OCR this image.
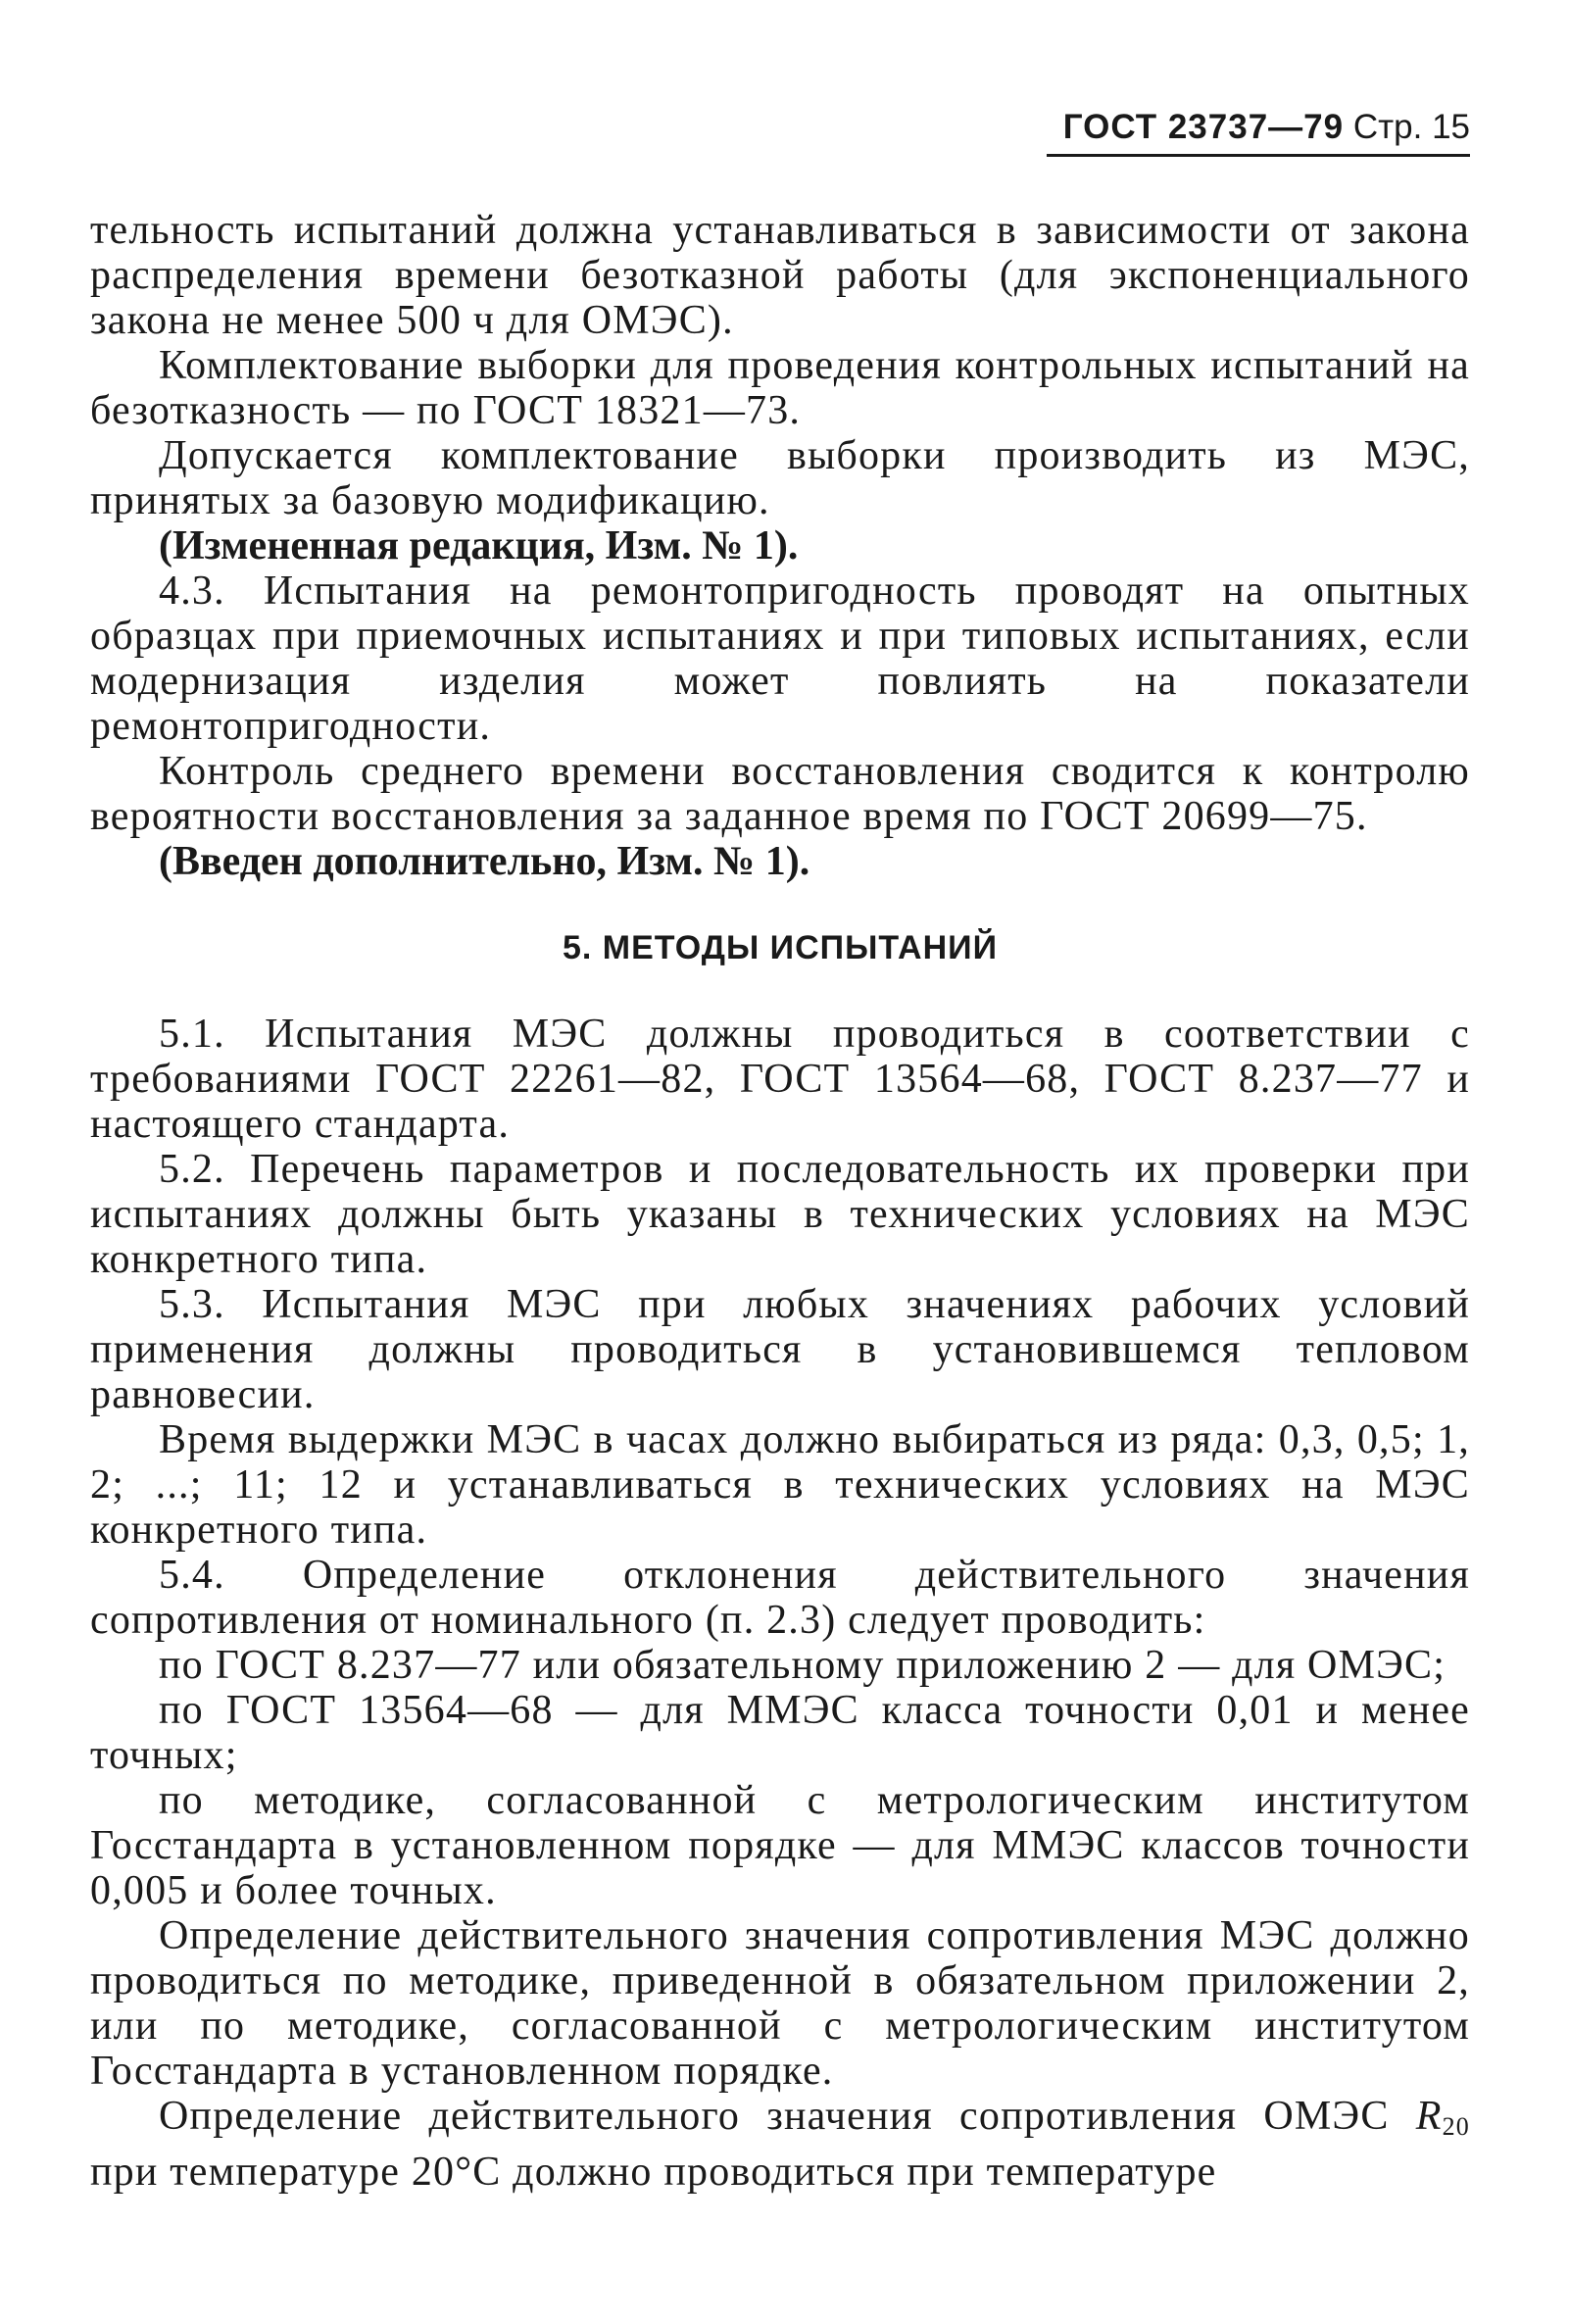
ГОСТ 23737—79 Стр. 15

тельность испытаний должна устанавливаться в зависимости от закона распределения времени безотказной работы (для экспоненциального закона не менее 500 ч для ОМЭС).

Комплектование выборки для проведения контрольных испытаний на безотказность — по ГОСТ 18321—73.

Допускается комплектование выборки производить из МЭС, принятых за базовую модификацию.

(Измененная редакция, Изм. № 1).

4.3. Испытания на ремонтопригодность проводят на опытных образцах при приемочных испытаниях и при типовых испытаниях, если модернизация изделия может повлиять на показатели ремонтопригодности.

Контроль среднего времени восстановления сводится к контролю вероятности восстановления за заданное время по ГОСТ 20699—75.

(Введен дополнительно, Изм. № 1).

5. МЕТОДЫ ИСПЫТАНИЙ

5.1. Испытания МЭС должны проводиться в соответствии с требованиями ГОСТ 22261—82, ГОСТ 13564—68, ГОСТ 8.237—77 и настоящего стандарта.

5.2. Перечень параметров и последовательность их проверки при испытаниях должны быть указаны в технических условиях на МЭС конкретного типа.

5.3. Испытания МЭС при любых значениях рабочих условий применения должны проводиться в установившемся тепловом равновесии.

Время выдержки МЭС в часах должно выбираться из ряда: 0,3, 0,5; 1, 2; ...; 11; 12 и устанавливаться в технических условиях на МЭС конкретного типа.

5.4. Определение отклонения действительного значения сопротивления от номинального (п. 2.3) следует проводить:

по ГОСТ 8.237—77 или обязательному приложению 2 — для ОМЭС;

по ГОСТ 13564—68 — для ММЭС класса точности 0,01 и менее точных;

по методике, согласованной с метрологическим институтом Госстандарта в установленном порядке — для ММЭС классов точности 0,005 и более точных.

Определение действительного значения сопротивления МЭС должно проводиться по методике, приведенной в обязательном приложении 2, или по методике, согласованной с метрологическим институтом Госстандарта в установленном порядке.

Определение действительного значения сопротивления ОМЭС $R_{20}$ при температуре 20°С должно проводиться при температуре
